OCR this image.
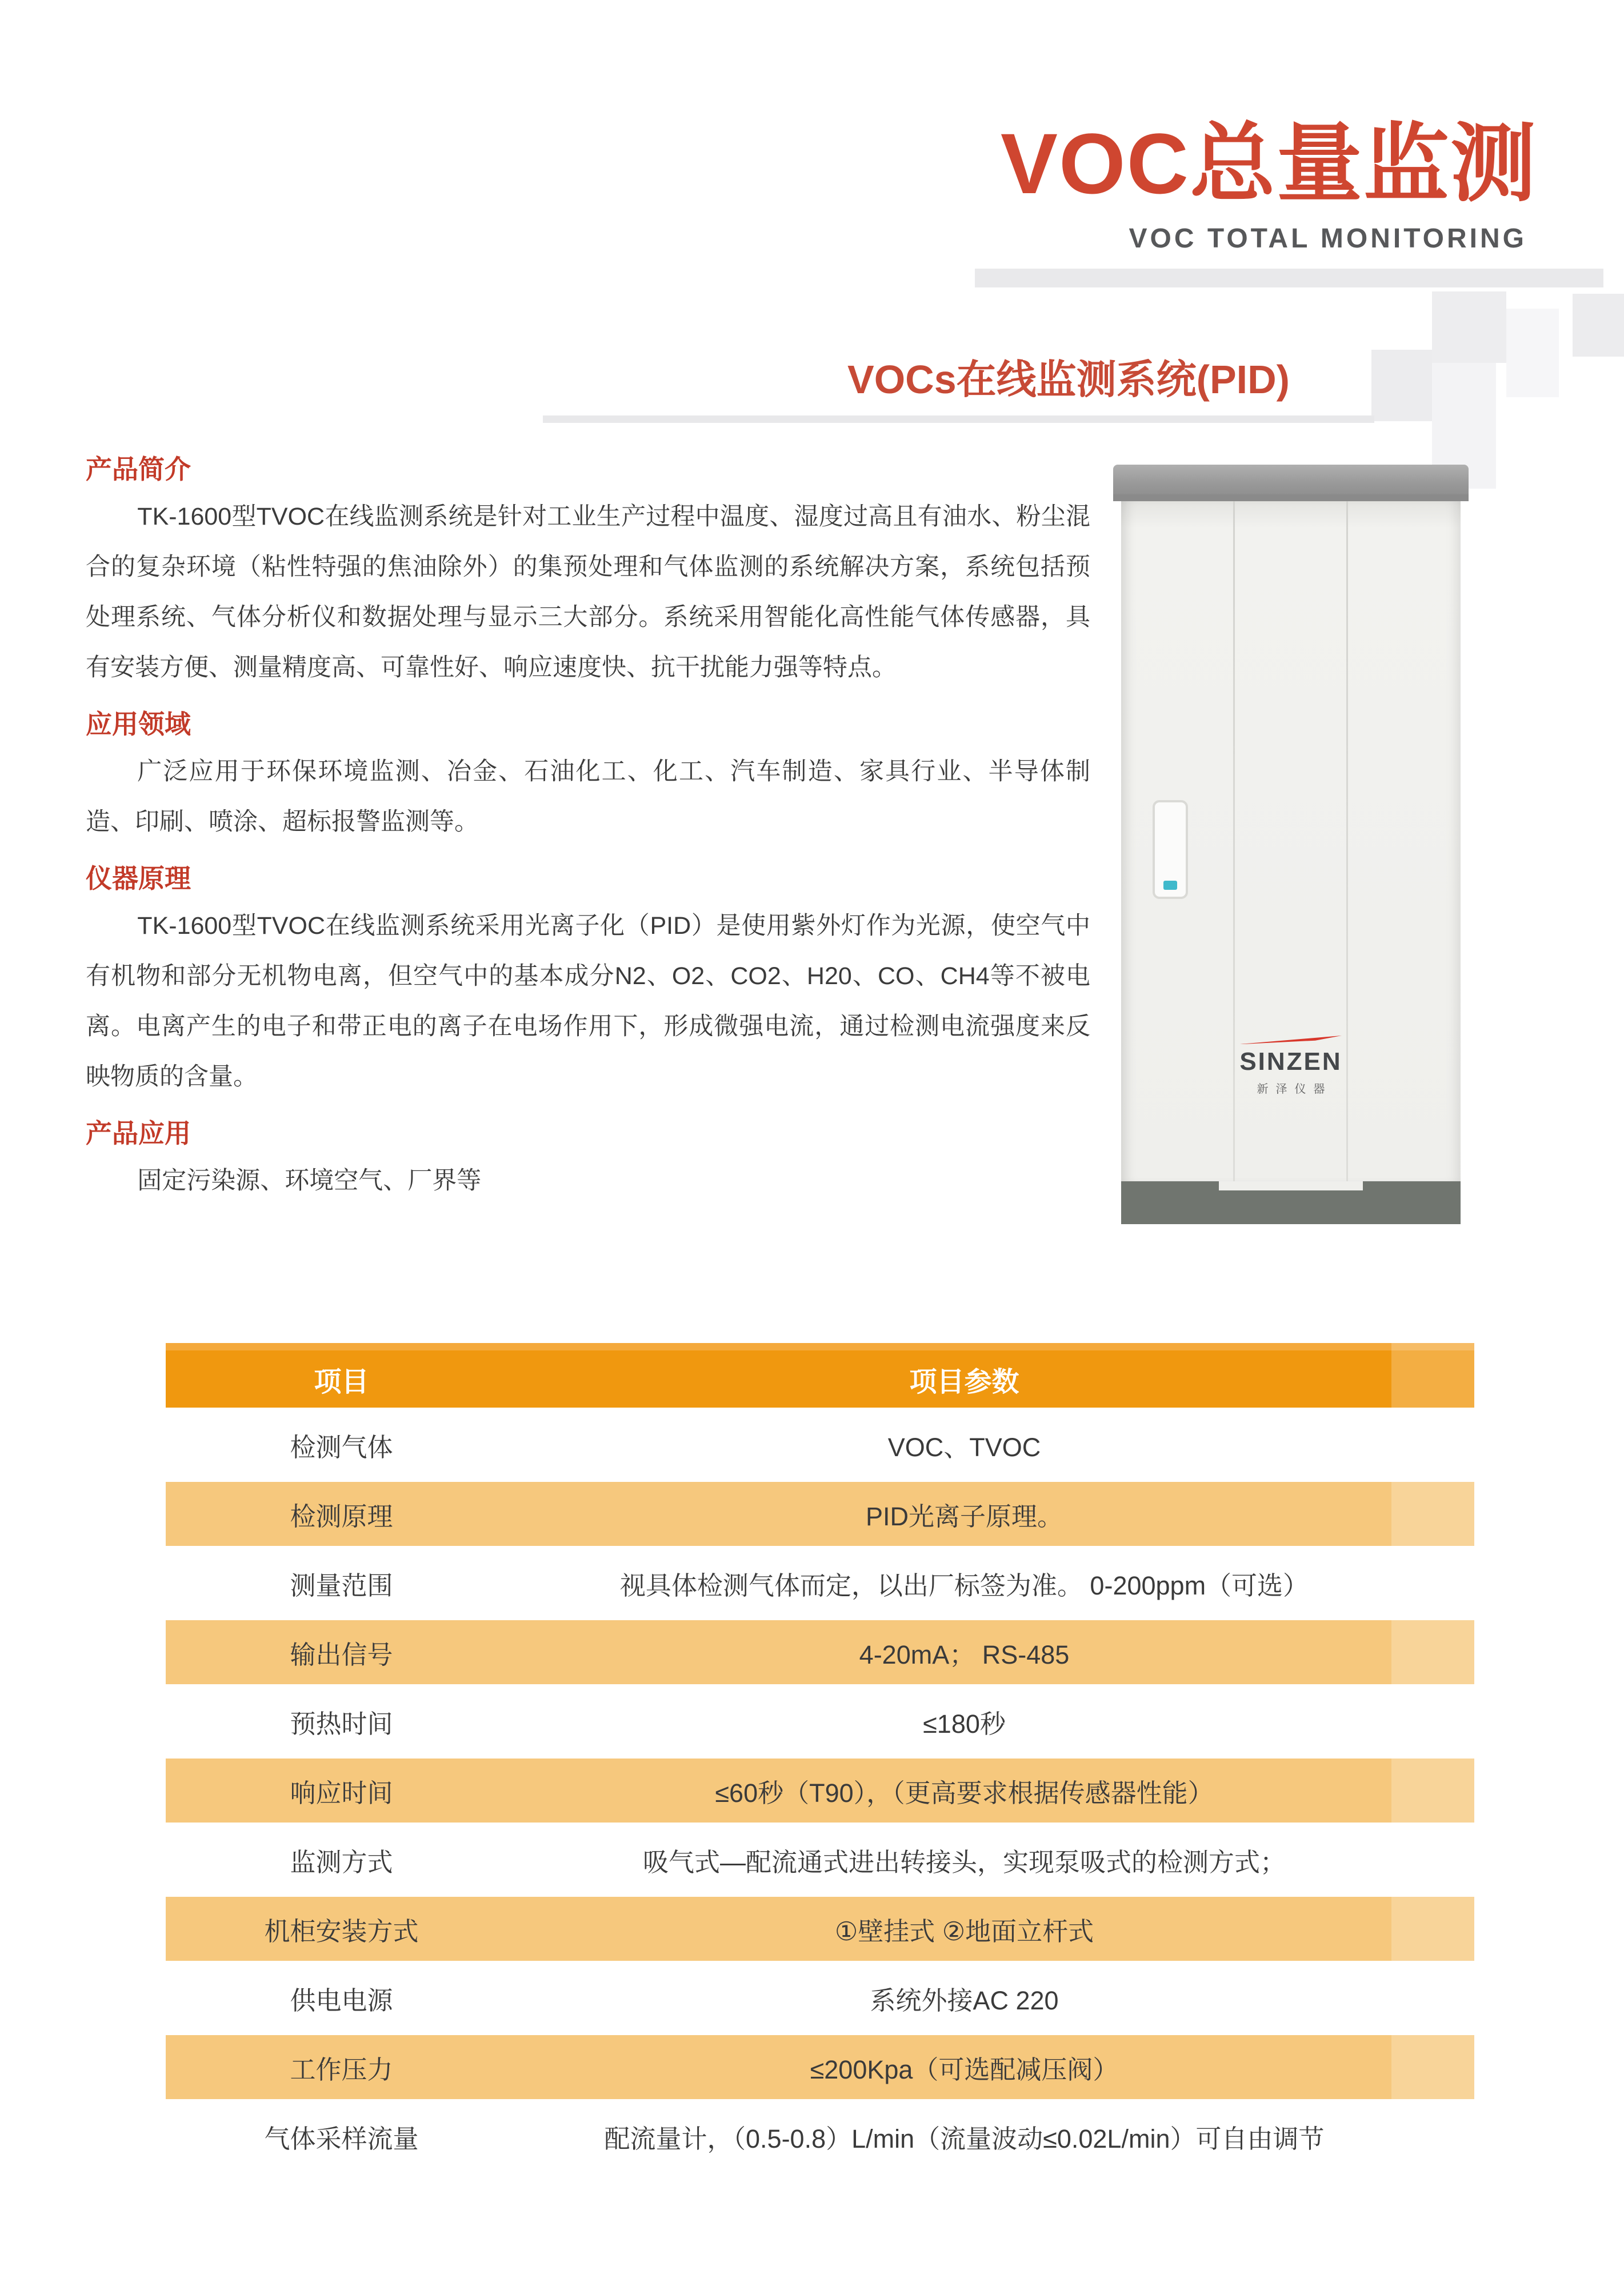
VOC总量监测
VOC TOTAL MONITORING
VOCs在线监测系统(PID)
产品简介

TK-1600型TVOC在线监测系统是针对工业生产过程中温度、湿度过高且有油水、粉尘混合的复杂环境（粘性特强的焦油除外）的集预处理和气体监测的系统解决方案，系统包括预处理系统、气体分析仪和数据处理与显示三大部分。系统采用智能化高性能气体传感器，具有安装方便、测量精度高、可靠性好、响应速度快、抗干扰能力强等特点。

应用领域

广泛应用于环保环境监测、冶金、石油化工、化工、汽车制造、家具行业、半导体制造、印刷、喷涂、超标报警监测等。

仪器原理

TK-1600型TVOC在线监测系统采用光离子化（PID）是使用紫外灯作为光源，使空气中有机物和部分无机物电离，但空气中的基本成分N2、O2、CO2、H20、CO、CH4等不被电离。电离产生的电子和带正电的离子在电场作用下，形成微强电流，通过检测电流强度来反映物质的含量。

产品应用

固定污染源、环境空气、厂界等

SINZEN
新泽仪器
项目	项目参数
检测气体	VOC、TVOC
检测原理	PID光离子原理。
测量范围	视具体检测气体而定，以出厂标签为准。 0-200ppm（可选）
输出信号	4-20mA； RS-485
预热时间	≤180秒
响应时间	≤60秒（T90），（更高要求根据传感器性能）
监测方式	吸气式—配流通式进出转接头，实现泵吸式的检测方式；
机柜安装方式	①壁挂式 ②地面立杆式
供电电源	系统外接AC 220
工作压力	≤200Kpa（可选配减压阀）
气体采样流量	配流量计，（0.5-0.8）L/min（流量波动≤0.02L/min）可自由调节
